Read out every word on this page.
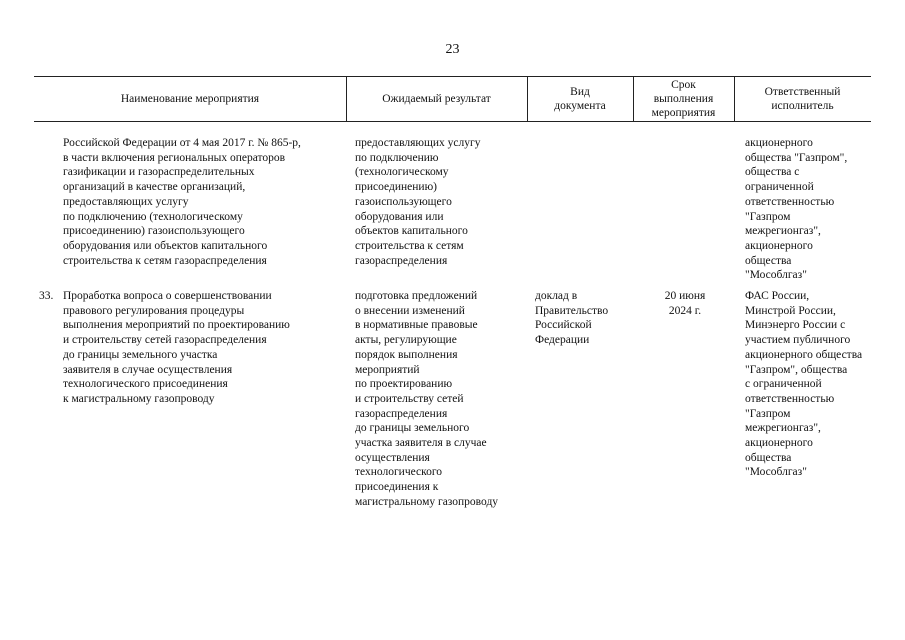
23
Наименование мероприятия	Ожидаемый результат
Вид
документа
Срок
выполнения
мероприятия
Ответственный
исполнитель
Российской Федерации от 4 мая 2017 г. № 865-р,
в части включения региональных операторов
газификации и газораспределительных
организаций в качестве организаций,
предоставляющих услугу
по подключению (технологическому
присоединению) газоиспользующего
оборудования или объектов капитального
строительства к сетям газораспределения
предоставляющих услугу
по подключению
(технологическому
присоединению)
газоиспользующего
оборудования или
объектов капитального
строительства к сетям
газораспределения
акционерного
общества "Газпром",
общества с
ограниченной
ответственностью
"Газпром
межрегионгаз",
акционерного
общества
"Мособлгаз"
33. Проработка вопроса о совершенствовании
правового регулирования процедуры
выполнения мероприятий по проектированию
и строительству сетей газораспределения
до границы земельного участка
заявителя в случае осуществления
технологического присоединения
к магистральному газопроводу
подготовка предложений
о внесении изменений
в нормативные правовые
акты, регулирующие
порядок выполнения
мероприятий
по проектированию
и строительству сетей
газораспределения
до границы земельного
участка заявителя в случае
осуществления
технологического
присоединения к
магистральному газопроводу
доклад в
Правительство
Российской
Федерации
20 июня
2024 г.
ФАС России,
Минстрой России,
Минэнерго России с
участием публичного
акционерного общества
"Газпром", общества
с ограниченной
ответственностью
"Газпром
межрегионгаз",
акционерного
общества
"Мособлгаз"
